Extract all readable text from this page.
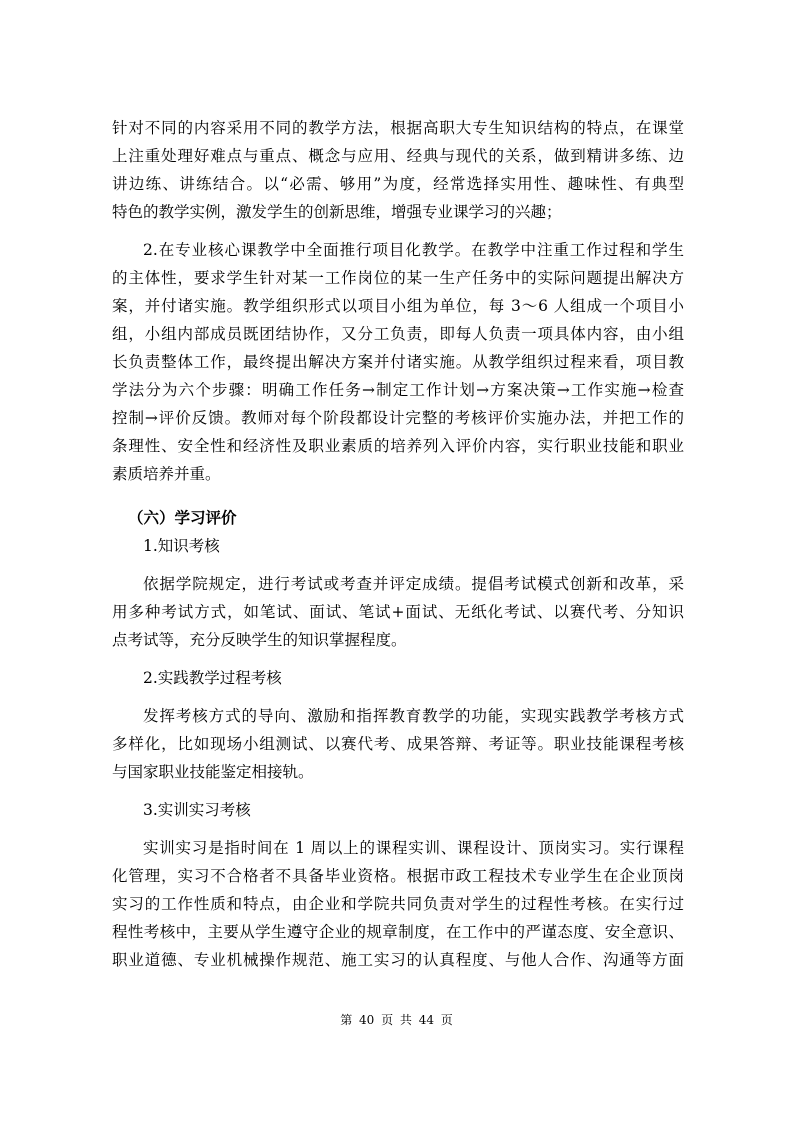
针对不同的内容采用不同的教学方法，根据高职大专生知识结构的特点，在课堂
上注重处理好难点与重点、概念与应用、经典与现代的关系，做到精讲多练、边
讲边练、讲练结合。以“必需、够用”为度，经常选择实用性、趣味性、有典型
特色的教学实例，激发学生的创新思维，增强专业课学习的兴趣；
2.在专业核心课教学中全面推行项目化教学。在教学中注重工作过程和学生
的主体性，要求学生针对某一工作岗位的某一生产任务中的实际问题提出解决方
案，并付诸实施。教学组织形式以项目小组为单位，每 3～6 人组成一个项目小
组，小组内部成员既团结协作，又分工负责，即每人负责一项具体内容，由小组
长负责整体工作，最终提出解决方案并付诸实施。从教学组织过程来看，项目教
学法分为六个步骤：明确工作任务→制定工作计划→方案决策→工作实施→检查
控制→评价反馈。教师对每个阶段都设计完整的考核评价实施办法，并把工作的
条理性、安全性和经济性及职业素质的培养列入评价内容，实行职业技能和职业
素质培养并重。
（六）学习评价
1.知识考核
依据学院规定，进行考试或考查并评定成绩。提倡考试模式创新和改革，采
用多种考试方式，如笔试、面试、笔试+面试、无纸化考试、以赛代考、分知识
点考试等，充分反映学生的知识掌握程度。
2.实践教学过程考核
发挥考核方式的导向、激励和指挥教育教学的功能，实现实践教学考核方式
多样化，比如现场小组测试、以赛代考、成果答辩、考证等。职业技能课程考核
与国家职业技能鉴定相接轨。
3.实训实习考核
实训实习是指时间在 1 周以上的课程实训、课程设计、顶岗实习。实行课程
化管理，实习不合格者不具备毕业资格。根据市政工程技术专业学生在企业顶岗
实习的工作性质和特点，由企业和学院共同负责对学生的过程性考核。在实行过
程性考核中，主要从学生遵守企业的规章制度，在工作中的严谨态度、安全意识、
职业道德、专业机械操作规范、施工实习的认真程度、与他人合作、沟通等方面
第 40 页 共 44 页
